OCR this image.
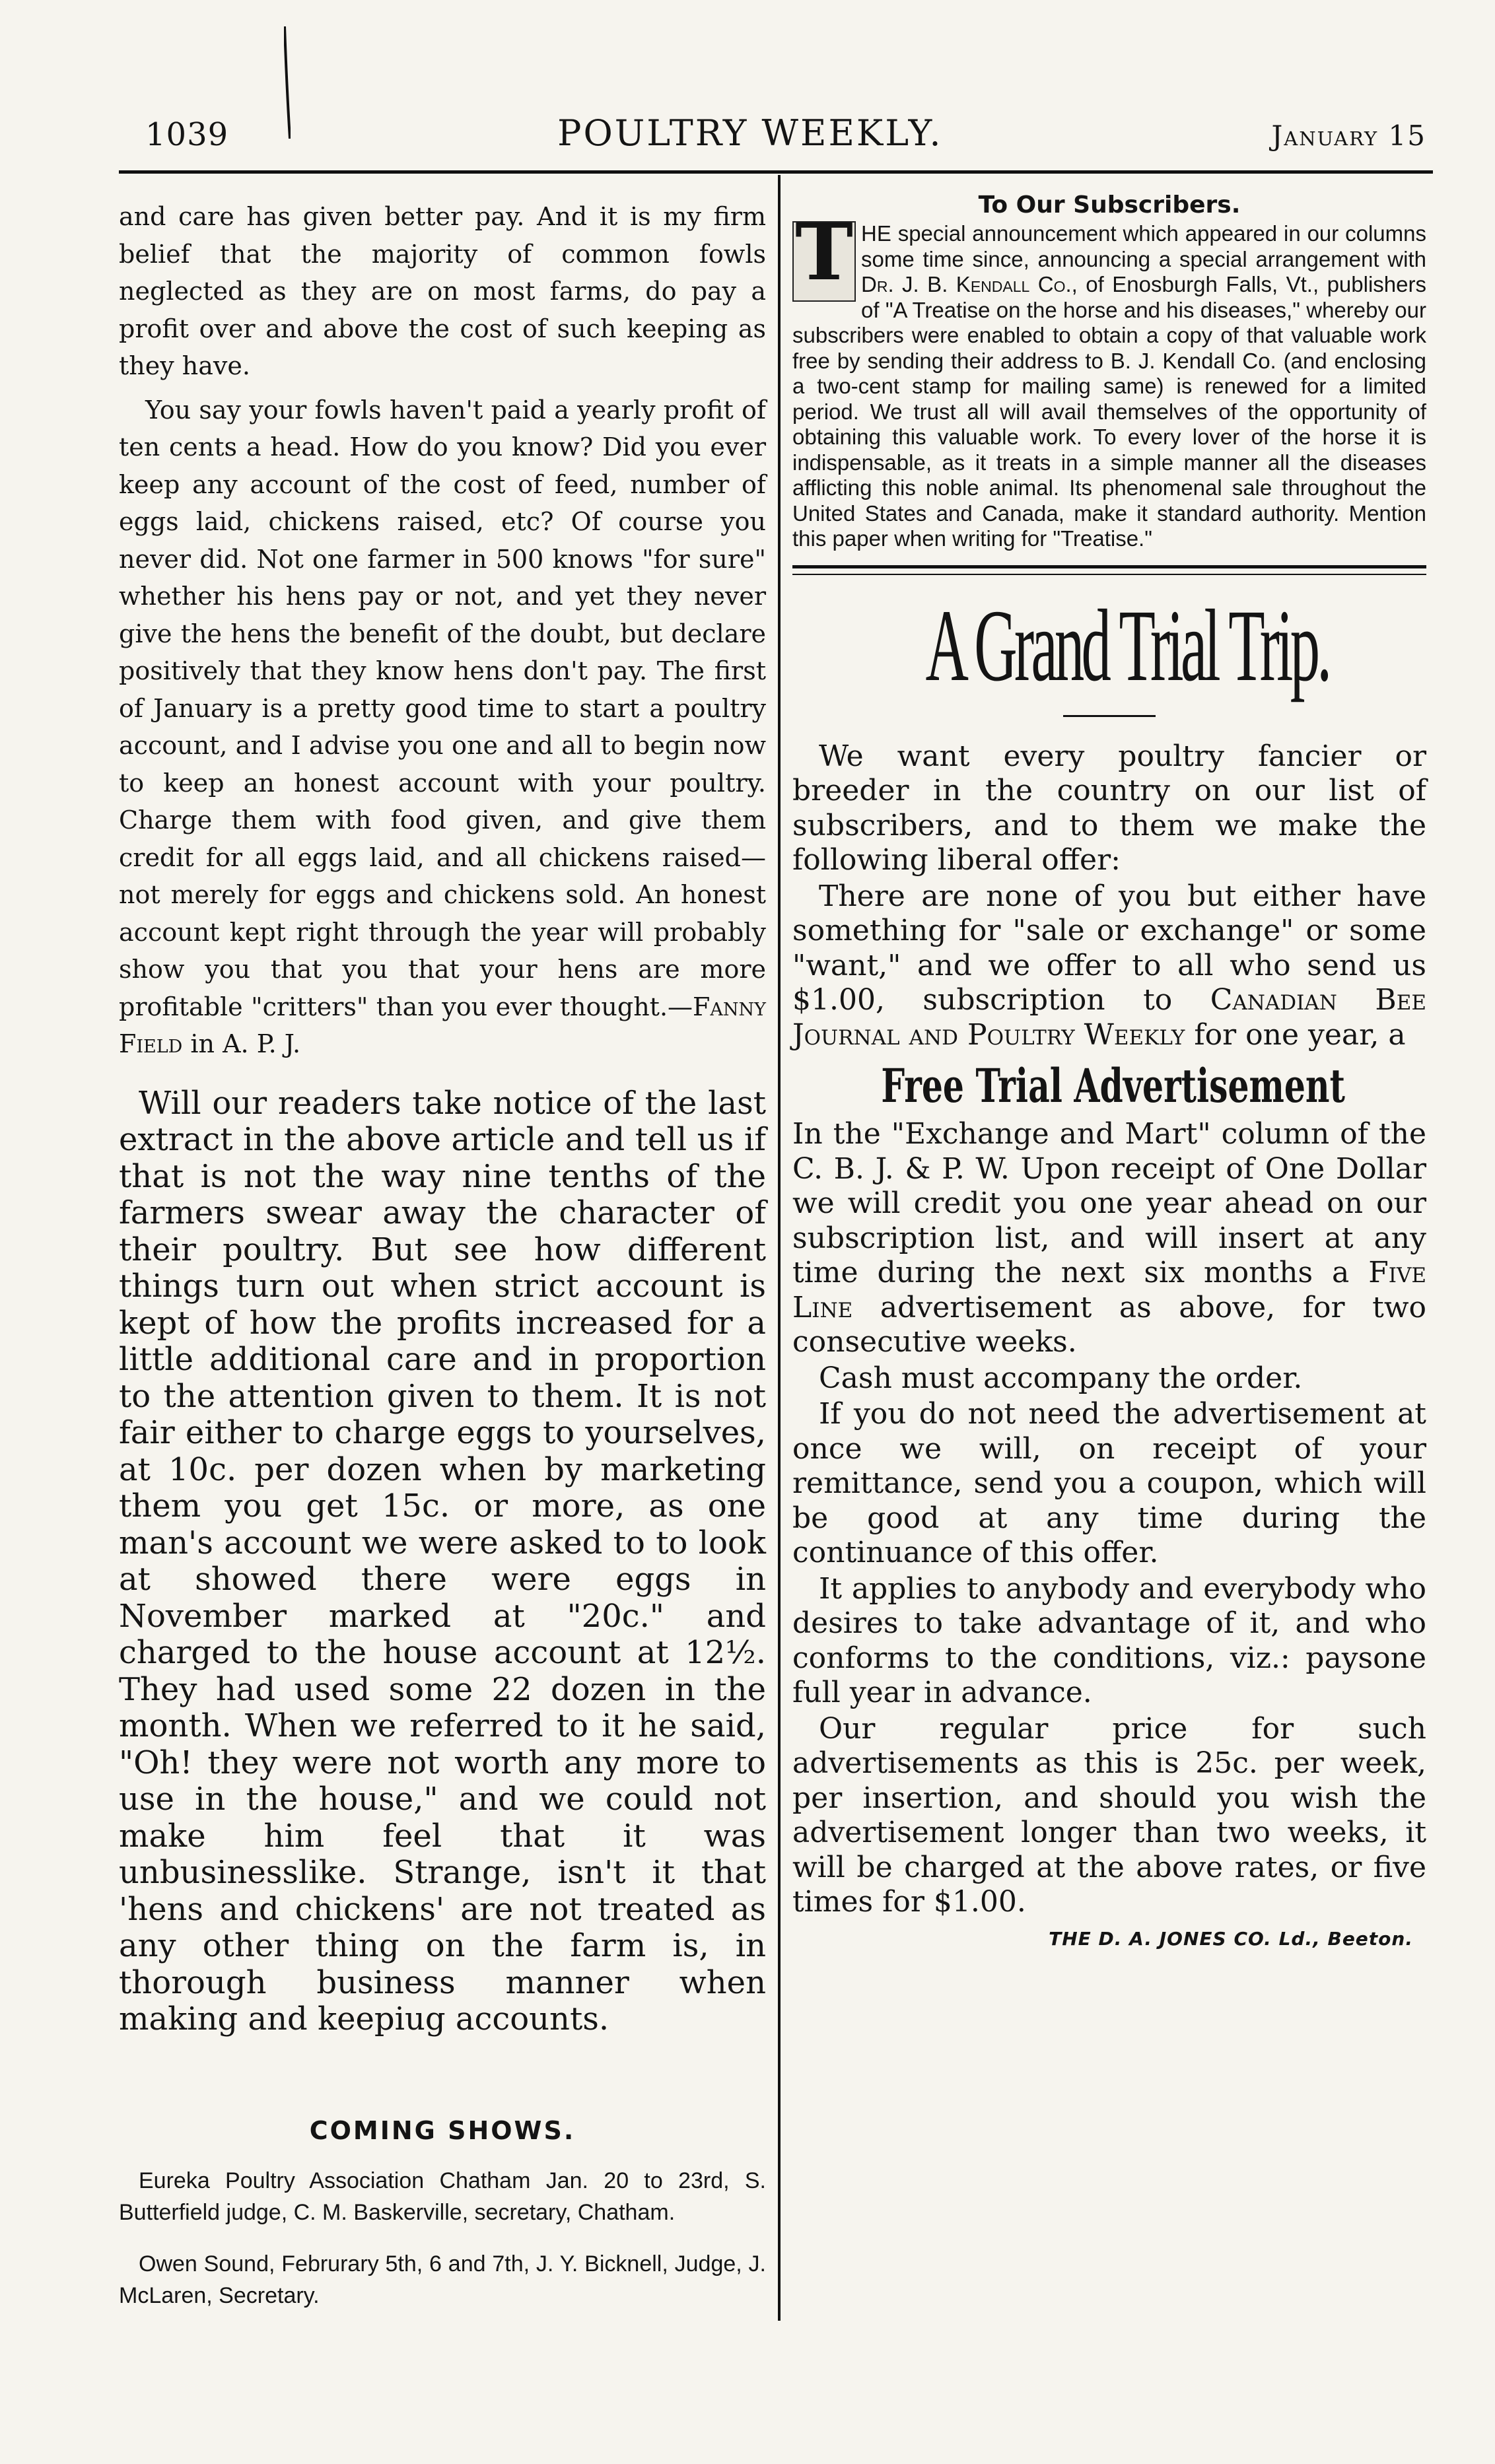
1039	POULTRY WEEKLY.	January 15

and care has given better pay. And it is my firm belief that the majority of common fowls neglected as they are on most farms, do pay a profit over and above the cost of such keeping as they have.

You say your fowls haven't paid a yearly profit of ten cents a head. How do you know? Did you ever keep any account of the cost of feed, number of eggs laid, chickens raised, etc? Of course you never did. Not one farmer in 500 knows "for sure" whether his hens pay or not, and yet they never give the hens the benefit of the doubt, but declare positively that they know hens don't pay. The first of January is a pretty good time to start a poultry account, and I advise you one and all to begin now to keep an honest account with your poultry. Charge them with food given, and give them credit for all eggs laid, and all chickens raised—not merely for eggs and chickens sold. An honest account kept right through the year will probably show you that you that your hens are more profitable "critters" than you ever thought.—Fanny Field in A. P. J.

Will our readers take notice of the last extract in the above article and tell us if that is not the way nine tenths of the farmers swear away the character of their poultry. But see how different things turn out when strict account is kept of how the profits increased for a little additional care and in proportion to the attention given to them. It is not fair either to charge eggs to yourselves, at 10c. per dozen when by marketing them you get 15c. or more, as one man's account we were asked to to look at showed there were eggs in November marked at "20c." and charged to the house account at 12½. They had used some 22 dozen in the month. When we referred to it he said, "Oh! they were not worth any more to use in the house," and we could not make him feel that it was unbusinesslike. Strange, isn't it that 'hens and chickens' are not treated as any other thing on the farm is, in thorough business manner when making and keepiug accounts.

COMING SHOWS.

Eureka Poultry Association Chatham Jan. 20 to 23rd, S. Butterfield judge, C. M. Baskerville, secretary, Chatham.

Owen Sound, Februrary 5th, 6 and 7th, J. Y. Bicknell, Judge, J. McLaren, Secretary.

To Our Subscribers.

T HE special announcement which appeared in our columns some time since, announcing a special arrangement with Dr. J. B. Kendall Co., of Enosburgh Falls, Vt., publishers of "A Treatise on the horse and his diseases," whereby our subscribers were enabled to obtain a copy of that valuable work free by sending their address to B. J. Kendall Co. (and enclosing a two-cent stamp for mailing same) is renewed for a limited period. We trust all will avail themselves of the opportunity of obtaining this valuable work. To every lover of the horse it is indispensable, as it treats in a simple manner all the diseases afflicting this noble animal. Its phenomenal sale throughout the United States and Canada, make it standard authority. Mention this paper when writing for "Treatise."

A Grand Trial Trip.

We want every poultry fancier or breeder in the country on our list of subscribers, and to them we make the following liberal offer:

There are none of you but either have something for "sale or exchange" or some "want," and we offer to all who send us $1.00, subscription to Canadian Bee Journal and Poultry Weekly for one year, a

Free Trial Advertisement

In the "Exchange and Mart" column of the C. B. J. & P. W. Upon receipt of One Dollar we will credit you one year ahead on our subscription list, and will insert at any time during the next six months a Five Line advertisement as above, for two consecutive weeks.

Cash must accompany the order.

If you do not need the advertisement at once we will, on receipt of your remittance, send you a coupon, which will be good at any time during the continuance of this offer.

It applies to anybody and everybody who desires to take advantage of it, and who conforms to the conditions, viz.: paysone full year in advance.

Our regular price for such advertisements as this is 25c. per week, per insertion, and should you wish the advertisement longer than two weeks, it will be charged at the above rates, or five times for $1.00.

THE D. A. JONES CO. Ld., Beeton.
